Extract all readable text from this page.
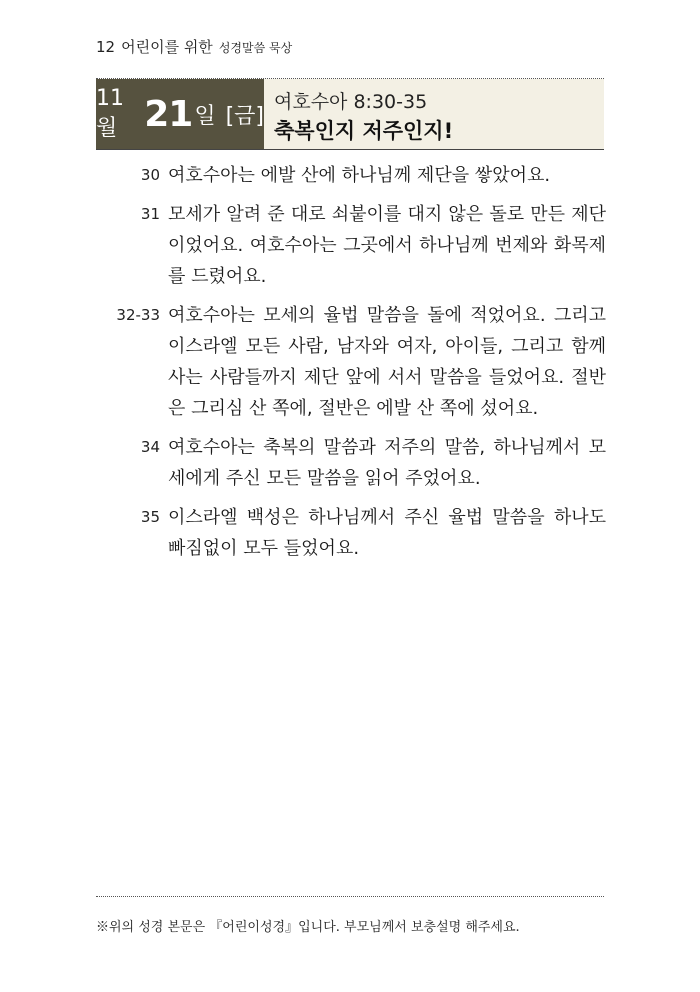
12 어린이를 위한 성경말씀 묵상
11월 21 일 [금]
여호수아 8:30-35
축복인지 저주인지!
30 여호수아는 에발 산에 하나님께 제단을 쌓았어요.
31 모세가 알려 준 대로 쇠붙이를 대지 않은 돌로 만든 제단이었어요. 여호수아는 그곳에서 하나님께 번제와 화목제를 드렸어요.
32-33 여호수아는 모세의 율법 말씀을 돌에 적었어요. 그리고 이스라엘 모든 사람, 남자와 여자, 아이들, 그리고 함께 사는 사람들까지 제단 앞에 서서 말씀을 들었어요. 절반은 그리심 산 쪽에, 절반은 에발 산 쪽에 섰어요.
34 여호수아는 축복의 말씀과 저주의 말씀, 하나님께서 모세에게 주신 모든 말씀을 읽어 주었어요.
35 이스라엘 백성은 하나님께서 주신 율법 말씀을 하나도 빠짐없이 모두 들었어요.
※위의 성경 본문은 『어린이성경』입니다. 부모님께서 보충설명 해주세요.
